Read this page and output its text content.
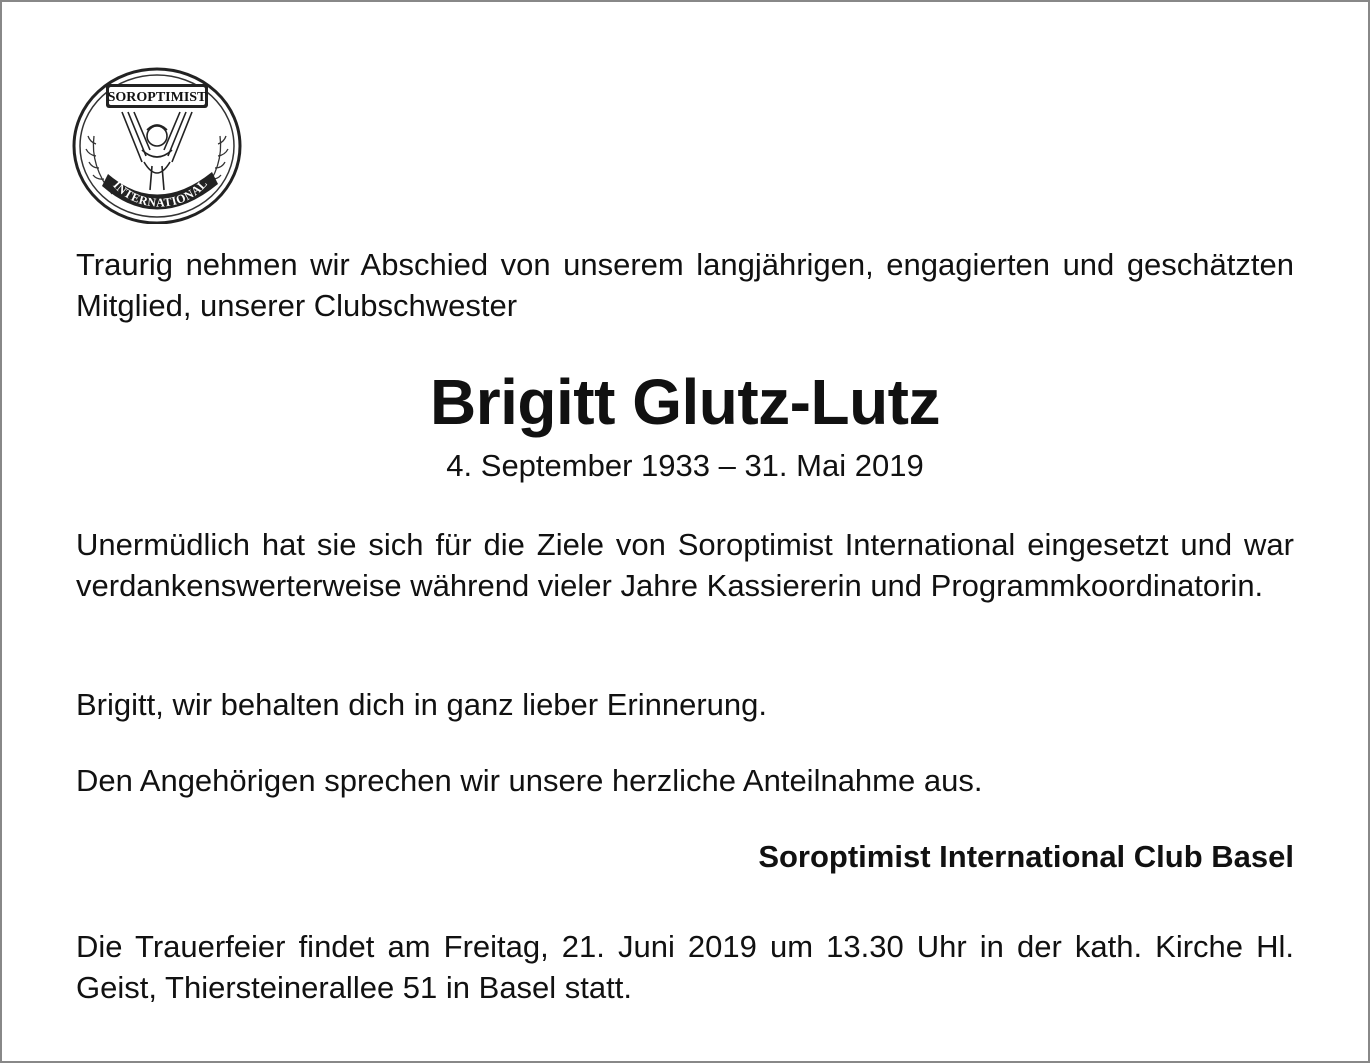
SOROPTIMIST
INTERNATIONAL

Traurig nehmen wir Abschied von unserem langjährigen, engagierten und geschätzten Mitglied, unserer Clubschwester

Brigitt Glutz-Lutz

4. September 1933 – 31. Mai 2019

Unermüdlich hat sie sich für die Ziele von Soroptimist International eingesetzt und war verdankenswerterweise während vieler Jahre Kassiererin und Programmkoordinatorin.

Brigitt, wir behalten dich in ganz lieber Erinnerung.

Den Angehörigen sprechen wir unsere herzliche Anteilnahme aus.

Soroptimist International Club Basel

Die Trauerfeier findet am Freitag, 21. Juni 2019 um 13.30 Uhr in der kath. Kirche Hl. Geist, Thiersteinerallee 51 in Basel statt.
